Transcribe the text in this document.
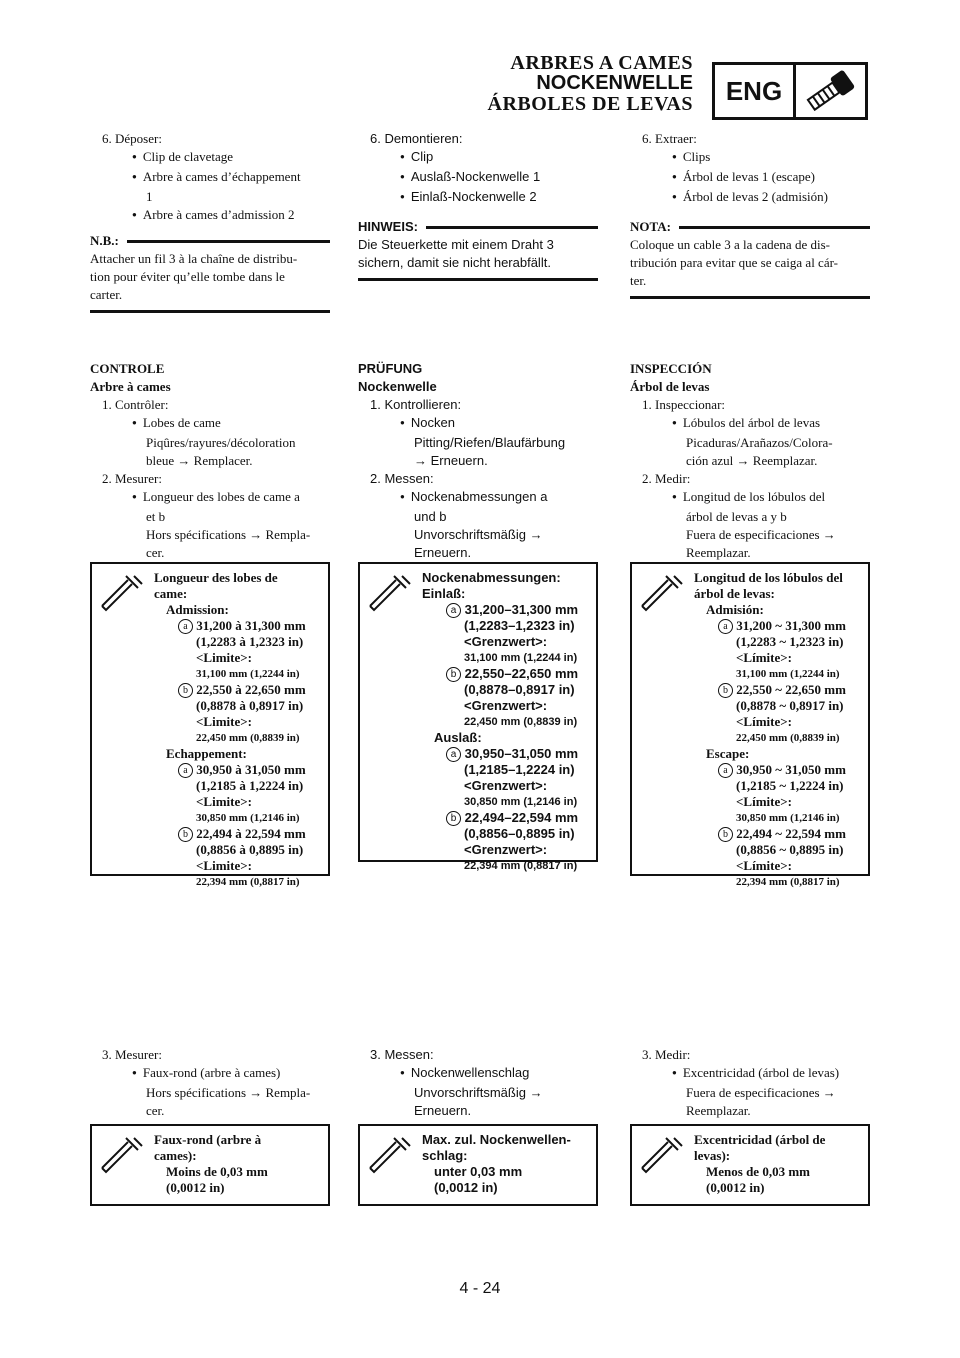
ARBRES A CAMES
NOCKENWELLE
ÁRBOLES DE LEVAS	ENG
6. Déposer:
● Clip de clavetage
● Arbre à cames d’échappement
1
● Arbre à cames d’admission 2
N.B.:
Attacher un fil 3 à la chaîne de distribu-
tion pour éviter qu’elle tombe dans le
carter.
CONTROLE
Arbre à cames
1. Contrôler:
● Lobes de came
Piqûres/rayures/décoloration
bleue → Remplacer.
2. Mesurer:
● Longueur des lobes de came a
et b
Hors spécifications → Rempla-
cer.
6. Demontieren:
● Clip
● Auslaß-Nockenwelle 1
● Einlaß-Nockenwelle 2
HINWEIS:
Die Steuerkette mit einem Draht 3
sichern, damit sie nicht herabfällt.
PRÜFUNG
Nockenwelle
1. Kontrollieren:
● Nocken
Pitting/Riefen/Blaufärbung
→ Erneuern.
2. Messen:
● Nockenabmessungen a
und b
Unvorschriftsmäßig →
Erneuern.
6. Extraer:
● Clips
● Árbol de levas 1 (escape)
● Árbol de levas 2 (admisión)
NOTA:
Coloque un cable 3 a la cadena de dis-
tribución para evitar que se caiga al cár-
ter.
INSPECCIÓN
Árbol de levas
1. Inspeccionar:
● Lóbulos del árbol de levas
Picaduras/Arañazos/Colora-
ción azul → Reemplazar.
2. Medir:
● Longitud de los lóbulos del
árbol de levas a y b
Fuera de especificaciones →
Reemplazar.
Longueur des lobes de
came:
Admission:
a 31,200 à 31,300 mm
(1,2283 à 1,2323 in)
<Limite>:
31,100 mm (1,2244 in)
b 22,550 à 22,650 mm
(0,8878 à 0,8917 in)
<Limite>:
22,450 mm (0,8839 in)
Echappement:
a 30,950 à 31,050 mm
(1,2185 à 1,2224 in)
<Limite>:
30,850 mm (1,2146 in)
b 22,494 à 22,594 mm
(0,8856 à 0,8895 in)
<Limite>:
22,394 mm (0,8817 in)
Nockenabmessungen:
Einlaß:
a 31,200–31,300 mm
(1,2283–1,2323 in)
<Grenzwert>:
31,100 mm (1,2244 in)
b 22,550–22,650 mm
(0,8878–0,8917 in)
<Grenzwert>:
22,450 mm (0,8839 in)
Auslaß:
a 30,950–31,050 mm
(1,2185–1,2224 in)
<Grenzwert>:
30,850 mm (1,2146 in)
b 22,494–22,594 mm
(0,8856–0,8895 in)
<Grenzwert>:
22,394 mm (0,8817 in)
Longitud de los lóbulos del
árbol de levas:
Admisión:
a 31,200 ~ 31,300 mm
(1,2283 ~ 1,2323 in)
<Límite>:
31,100 mm (1,2244 in)
b 22,550 ~ 22,650 mm
(0,8878 ~ 0,8917 in)
<Límite>:
22,450 mm (0,8839 in)
Escape:
a 30,950 ~ 31,050 mm
(1,2185 ~ 1,2224 in)
<Límite>:
30,850 mm (1,2146 in)
b 22,494 ~ 22,594 mm
(0,8856 ~ 0,8895 in)
<Límite>:
22,394 mm (0,8817 in)
3. Mesurer:
● Faux-rond (arbre à cames)
Hors spécifications → Rempla-
cer.
3. Messen:
● Nockenwellenschlag
Unvorschriftsmäßig →
Erneuern.
3. Medir:
● Excentricidad (árbol de levas)
Fuera de especificaciones →
Reemplazar.
Faux-rond (arbre à
cames):
Moins de 0,03 mm
(0,0012 in)
Max. zul. Nockenwellen-
schlag:
unter 0,03 mm
(0,0012 in)
Excentricidad (árbol de
levas):
Menos de 0,03 mm
(0,0012 in)
4 - 24
